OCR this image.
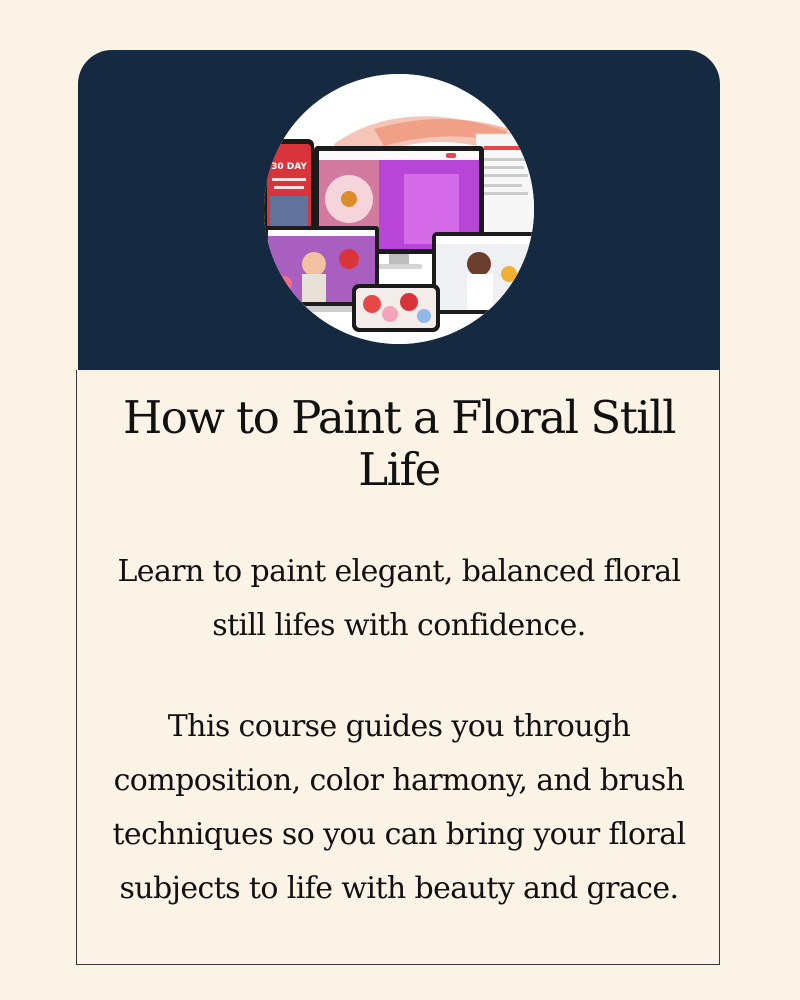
30 DAY
How to Paint a Floral Still Life

Learn to paint elegant, balanced floral still lifes with confidence.

This course guides you through composition, color harmony, and brush techniques so you can bring your floral subjects to life with beauty and grace.
